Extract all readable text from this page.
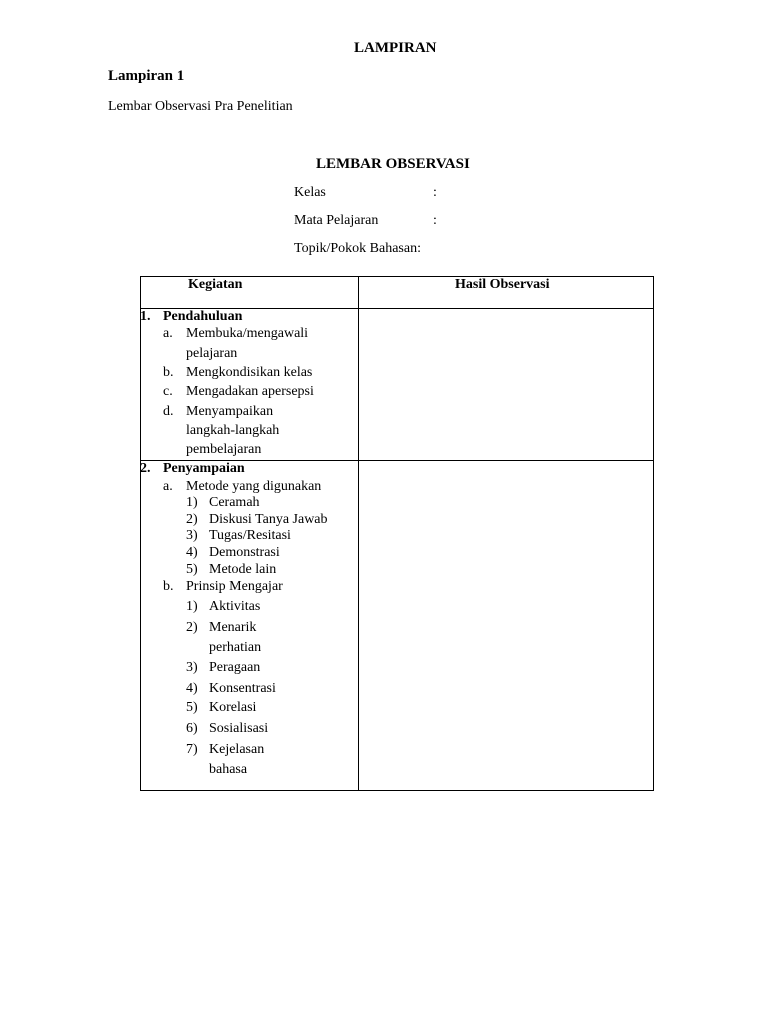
LAMPIRAN
Lampiran 1
Lembar Observasi Pra Penelitian
LEMBAR OBSERVASI
Kelas	:
Mata Pelajaran	:
Topik/Pokok Bahasan:
Kegiatan	Hasil Observasi
1. Pendahuluan
a. Membuka/mengawali
pelajaran
b. Mengkondisikan kelas
c. Mengadakan apersepsi
d. Menyampaikan
langkah-langkah
pembelajaran
2. Penyampaian
a. Metode yang digunakan
1) Ceramah
2) Diskusi Tanya Jawab
3) Tugas/Resitasi
4) Demonstrasi
5) Metode lain
b. Prinsip Mengajar
1) Aktivitas
2) Menarik
perhatian
3) Peragaan
4) Konsentrasi
5) Korelasi
6) Sosialisasi
7) Kejelasan
bahasa
